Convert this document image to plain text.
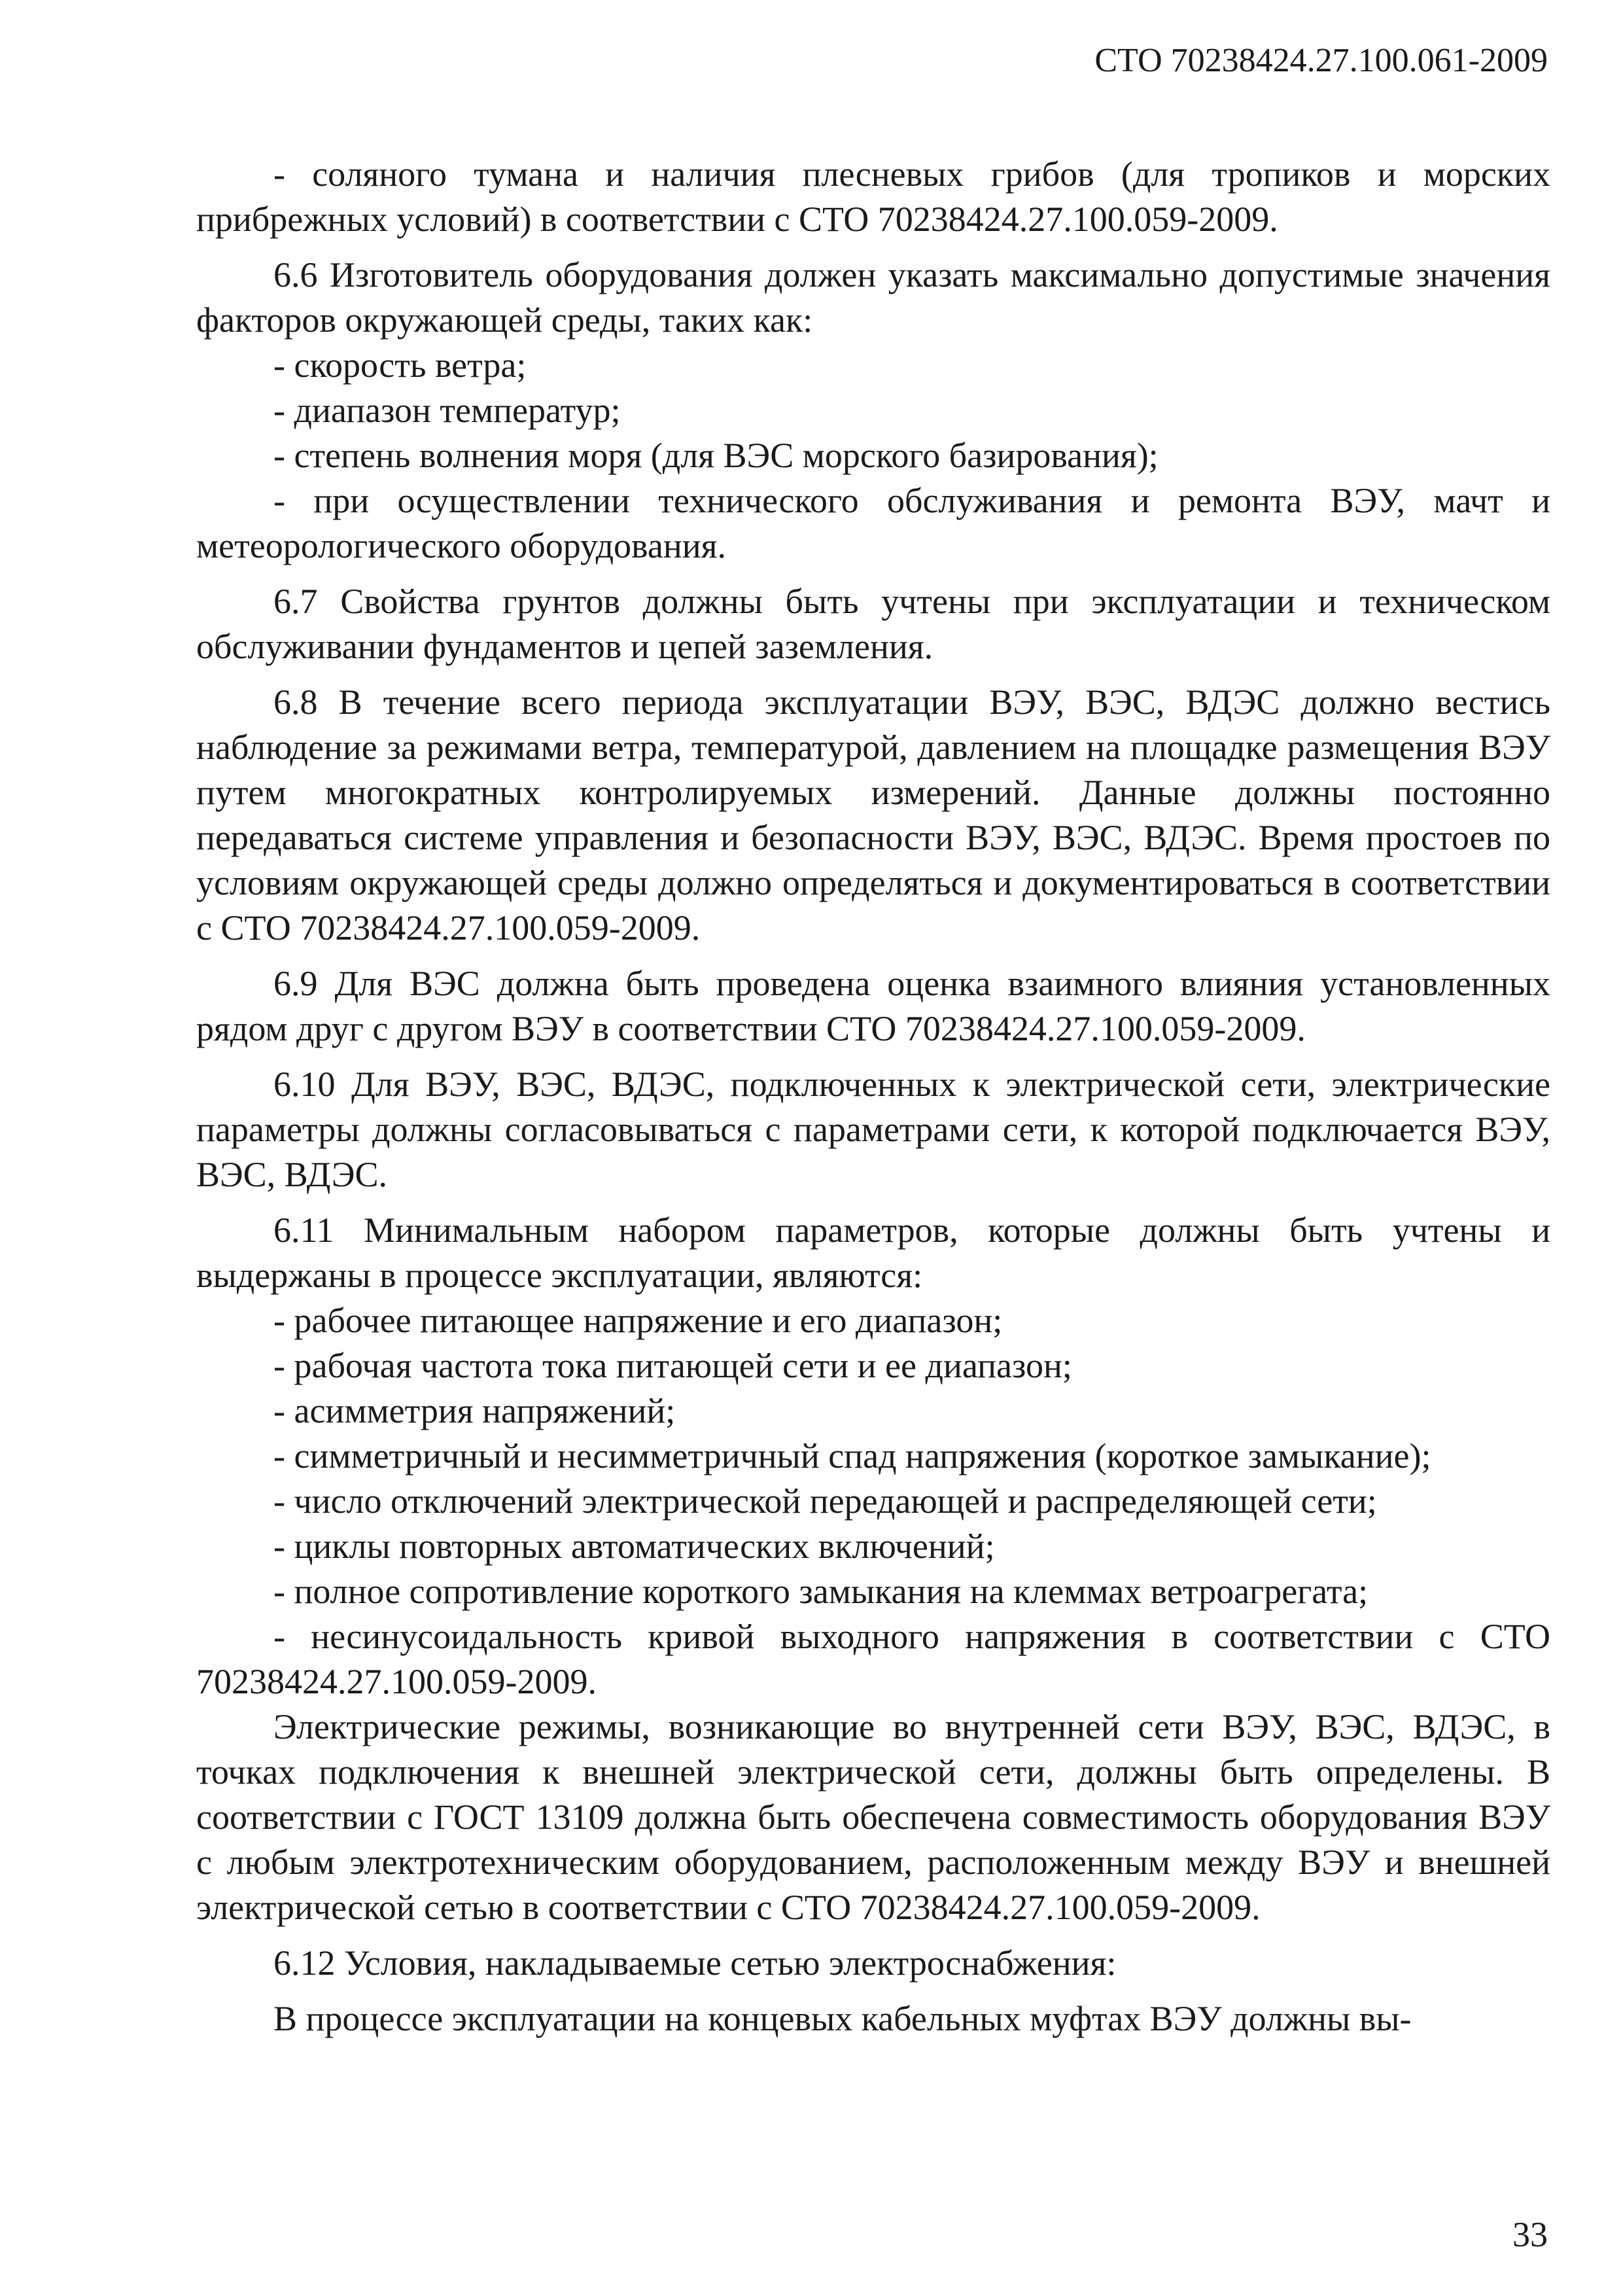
СТО 70238424.27.100.061-2009

- соляного тумана и наличия плесневых грибов (для тропиков и морских прибрежных условий) в соответствии с СТО 70238424.27.100.059-2009.

6.6 Изготовитель оборудования должен указать максимально допустимые значения факторов окружающей среды, таких как:

- скорость ветра;
- диапазон температур;
- степень волнения моря (для ВЭС морского базирования);
- при осуществлении технического обслуживания и ремонта ВЭУ, мачт и метеорологического оборудования.

6.7 Свойства грунтов должны быть учтены при эксплуатации и техническом обслуживании фундаментов и цепей заземления.

6.8 В течение всего периода эксплуатации ВЭУ, ВЭС, ВДЭС должно вестись наблюдение за режимами ветра, температурой, давлением на площадке размещения ВЭУ путем многократных контролируемых измерений. Данные должны постоянно передаваться системе управления и безопасности ВЭУ, ВЭС, ВДЭС. Время простоев по условиям окружающей среды должно определяться и документироваться в соответствии с СТО 70238424.27.100.059-2009.

6.9 Для ВЭС должна быть проведена оценка взаимного влияния установленных рядом друг с другом ВЭУ в соответствии СТО 70238424.27.100.059-2009.

6.10 Для ВЭУ, ВЭС, ВДЭС, подключенных к электрической сети, электрические параметры должны согласовываться с параметрами сети, к которой подключается ВЭУ, ВЭС, ВДЭС.

6.11 Минимальным набором параметров, которые должны быть учтены и выдержаны в процессе эксплуатации, являются:

- рабочее питающее напряжение и его диапазон;
- рабочая частота тока питающей сети и ее диапазон;
- асимметрия напряжений;
- симметричный и несимметричный спад напряжения (короткое замыкание);
- число отключений электрической передающей и распределяющей сети;
- циклы повторных автоматических включений;
- полное сопротивление короткого замыкания на клеммах ветроагрегата;
- несинусоидальность кривой выходного напряжения в соответствии с СТО 70238424.27.100.059-2009.

Электрические режимы, возникающие во внутренней сети ВЭУ, ВЭС, ВДЭС, в точках подключения к внешней электрической сети, должны быть определены. В соответствии с ГОСТ 13109 должна быть обеспечена совместимость оборудования ВЭУ с любым электротехническим оборудованием, расположенным между ВЭУ и внешней электрической сетью в соответствии с СТО 70238424.27.100.059-2009.

6.12 Условия, накладываемые сетью электроснабжения:

В процессе эксплуатации на концевых кабельных муфтах ВЭУ должны вы-

33
